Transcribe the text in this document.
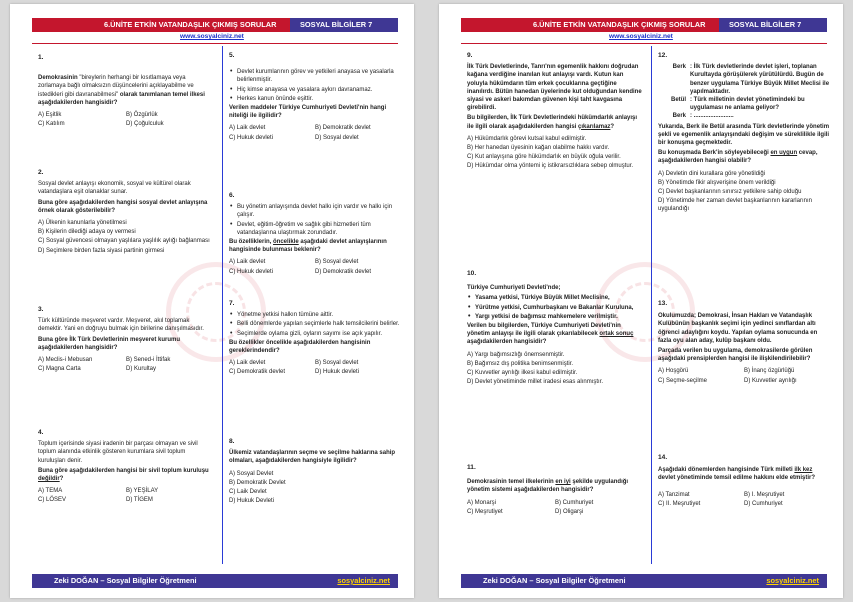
6.ÜNİTE ETKİN VATANDAŞLIK ÇIKMIŞ SORULAR	SOSYAL BİLGİLER 7
www.sosyalciniz.net
1.

Demokrasinin "bireylerin herhangi bir kısıtlamaya veya zorlamaya bağlı olmaksızın düşüncelerini açıklayabilme ve istedikleri gibi davranabilmesi" olarak tanımlanan temel ilkesi aşağıdakilerden hangisidir?

A) Eşitlik	B) Özgürlük
C) Katılım	D) Çoğulculuk
2.

Sosyal devlet anlayışı ekonomik, sosyal ve kültürel olarak vatandaşlara eşit olanaklar sunar.

Buna göre aşağıdakilerden hangisi sosyal devlet anlayışına örnek olarak gösterilebilir?

A) Ülkenin kanunlarla yönetilmesi
B) Kişilerin dilediği adaya oy vermesi
C) Sosyal güvencesi olmayan yaşlılara yaşlılık aylığı bağlanması
D) Seçimlere birden fazla siyasi partinin girmesi
3.

Türk kültüründe meşveret vardır. Meşveret, akıl toplamak demektir. Yani en doğruyu bulmak için birilerine danışılmasıdır.

Buna göre İlk Türk Devletlerinin meşveret kurumu aşağıdakilerden hangisidir?

A) Meclis-i Mebusan	B) Sened-i İttifak
C) Magna Carta	D) Kurultay
4.

Toplum içerisinde siyasi iradenin bir parçası olmayan ve sivil toplum alanında etkinlik gösteren kurumlara sivil toplum kuruluşları denir.

Buna göre aşağıdakilerden hangisi bir sivil toplum kuruluşu değildir?

A) TEMA	B) YEŞİLAY
C) LÖSEV	D) TİGEM
5.
• Devlet kurumlarının görev ve yetkileri anayasa ve yasalarla belirlenmiştir.
• Hiç kimse anayasa ve yasalara aykırı davranamaz.
• Herkes kanun önünde eşittir.

Verilen maddeler Türkiye Cumhuriyeti Devleti'nin hangi niteliği ile ilgilidir?

A) Laik devlet	B) Demokratik devlet
C) Hukuk devleti	D) Sosyal devlet
6.
• Bu yönetim anlayışında devlet halkı için vardır ve halkı için çalışır.
• Devlet, eğitim-öğretim ve sağlık gibi hizmetleri tüm vatandaşlarına ulaştırmak zorundadır.

Bu özelliklerin, öncelikle aşağıdaki devlet anlayışlarının hangisinde bulunması beklenir?

A) Laik devlet	B) Sosyal devlet
C) Hukuk devleti	D) Demokratik devlet
7.
• Yönetme yetkisi halkın tümüne aittir.
• Belli dönemlerde yapılan seçimlerle halk temsilcilerini belirler.
• Seçimlerde oylama gizli, oyların sayımı ise açık yapılır.

Bu özellikler öncelikle aşağıdakilerden hangisinin gereklerindendir?

A) Laik devlet	B) Sosyal devlet
C) Demokratik devlet	D) Hukuk devleti
8.

Ülkemiz vatandaşlarının seçme ve seçilme haklarına sahip olmaları, aşağıdakilerden hangisiyle ilgilidir?

A) Sosyal Devlet
B) Demokratik Devlet
C) Laik Devlet
D) Hukuk Devleti
Zeki DOĞAN – Sosyal Bilgiler Öğretmeni	sosyalciniz.net
6.ÜNİTE ETKİN VATANDAŞLIK ÇIKMIŞ SORULAR	SOSYAL BİLGİLER 7
www.sosyalciniz.net
9.

İlk Türk Devletlerinde, Tanrı'nın egemenlik hakkını doğrudan kağana verdiğine inanılan kut anlayışı vardı. Kutun kan yoluyla hükümdarın tüm erkek çocuklarına geçtiğine inanılırdı. Bütün hanedan üyelerinde kut olduğundan kendine siyasi ve askeri bakımdan güvenen kişi taht kavgasına girebilirdi.

Bu bilgilerden, İlk Türk Devletlerindeki hükümdarlık anlayışı ile ilgili olarak aşağıdakilerden hangisi çıkarılamaz?

A) Hükümdarlık görevi kutsal kabul edilmiştir.
B) Her hanedan üyesinin kağan olabilme hakkı vardır.
C) Kut anlayışına göre hükümdarlık en büyük oğula verilir.
D) Hükümdar olma yöntemi iç istikrarsızlıklara sebep olmuştur.
10.

Türkiye Cumhuriyeti Devleti'nde;

• Yasama yetkisi, Türkiye Büyük Millet Meclisine,
• Yürütme yetkisi, Cumhurbaşkanı ve Bakanlar Kuruluna,
• Yargı yetkisi de bağımsız mahkemelere verilmiştir.

Verilen bu bilgilerden, Türkiye Cumhuriyeti Devleti'nin yönetim anlayışı ile ilgili olarak çıkarılabilecek ortak sonuç aşağıdakilerden hangisidir?

A) Yargı bağımsızlığı önemsenmiştir.
B) Bağımsız dış politika benimsenmiştir.
C) Kuvvetler ayrılığı ilkesi kabul edilmiştir.
D) Devlet yönetiminde millet iradesi esas alınmıştır.
11.

Demokrasinin temel ilkelerinin en iyi şekilde uygulandığı yönetim sistemi aşağıdakilerden hangisidir?

A) Monarşi	B) Cumhuriyet
C) Meşrutiyet	D) Oligarşi
12.
Berk : İlk Türk devletlerinde devlet işleri, toplanan Kurultayda görüşülerek yürütülürdü. Bugün de benzer uygulama Türkiye Büyük Millet Meclisi ile yapılmaktadır.
Betül : Türk milletinin devlet yönetimindeki bu uygulaması ne anlama geliyor?
Berk : ........................

Yukarıda, Berk ile Betül arasında Türk devletlerinde yönetim şekli ve egemenlik anlayışındaki değişim ve süreklilikle ilgili bir konuşma geçmektedir.

Bu konuşmada Berk'in söyleyebileceği en uygun cevap, aşağıdakilerden hangisi olabilir?

A) Devletin dini kurallara göre yönetildiği
B) Yönetimde fikir alışverişine önem verildiği
C) Devlet başkanlarının sınırsız yetkilere sahip olduğu
D) Yönetimde her zaman devlet başkanlarının kararlarının uygulandığı
13.

Okulumuzda; Demokrasi, İnsan Hakları ve Vatandaşlık Kulübünün başkanlık seçimi için yedinci sınıflardan altı öğrenci adaylığını koydu. Yapılan oylama sonucunda en fazla oyu alan aday, kulüp başkanı oldu.

Parçada verilen bu uygulama, demokrasilerde görülen aşağıdaki prensiplerden hangisi ile ilişkilendirilebilir?

A) Hoşgörü	B) İnanç özgürlüğü
C) Seçme-seçilme	D) Kuvvetler ayrılığı
14.

Aşağıdaki dönemlerden hangisinde Türk milleti ilk kez devlet yönetiminde temsil edilme hakkını elde etmiştir?

A) Tanzimat	B) I. Meşrutiyet
C) II. Meşrutiyet	D) Cumhuriyet
Zeki DOĞAN – Sosyal Bilgiler Öğretmeni	sosyalciniz.net
